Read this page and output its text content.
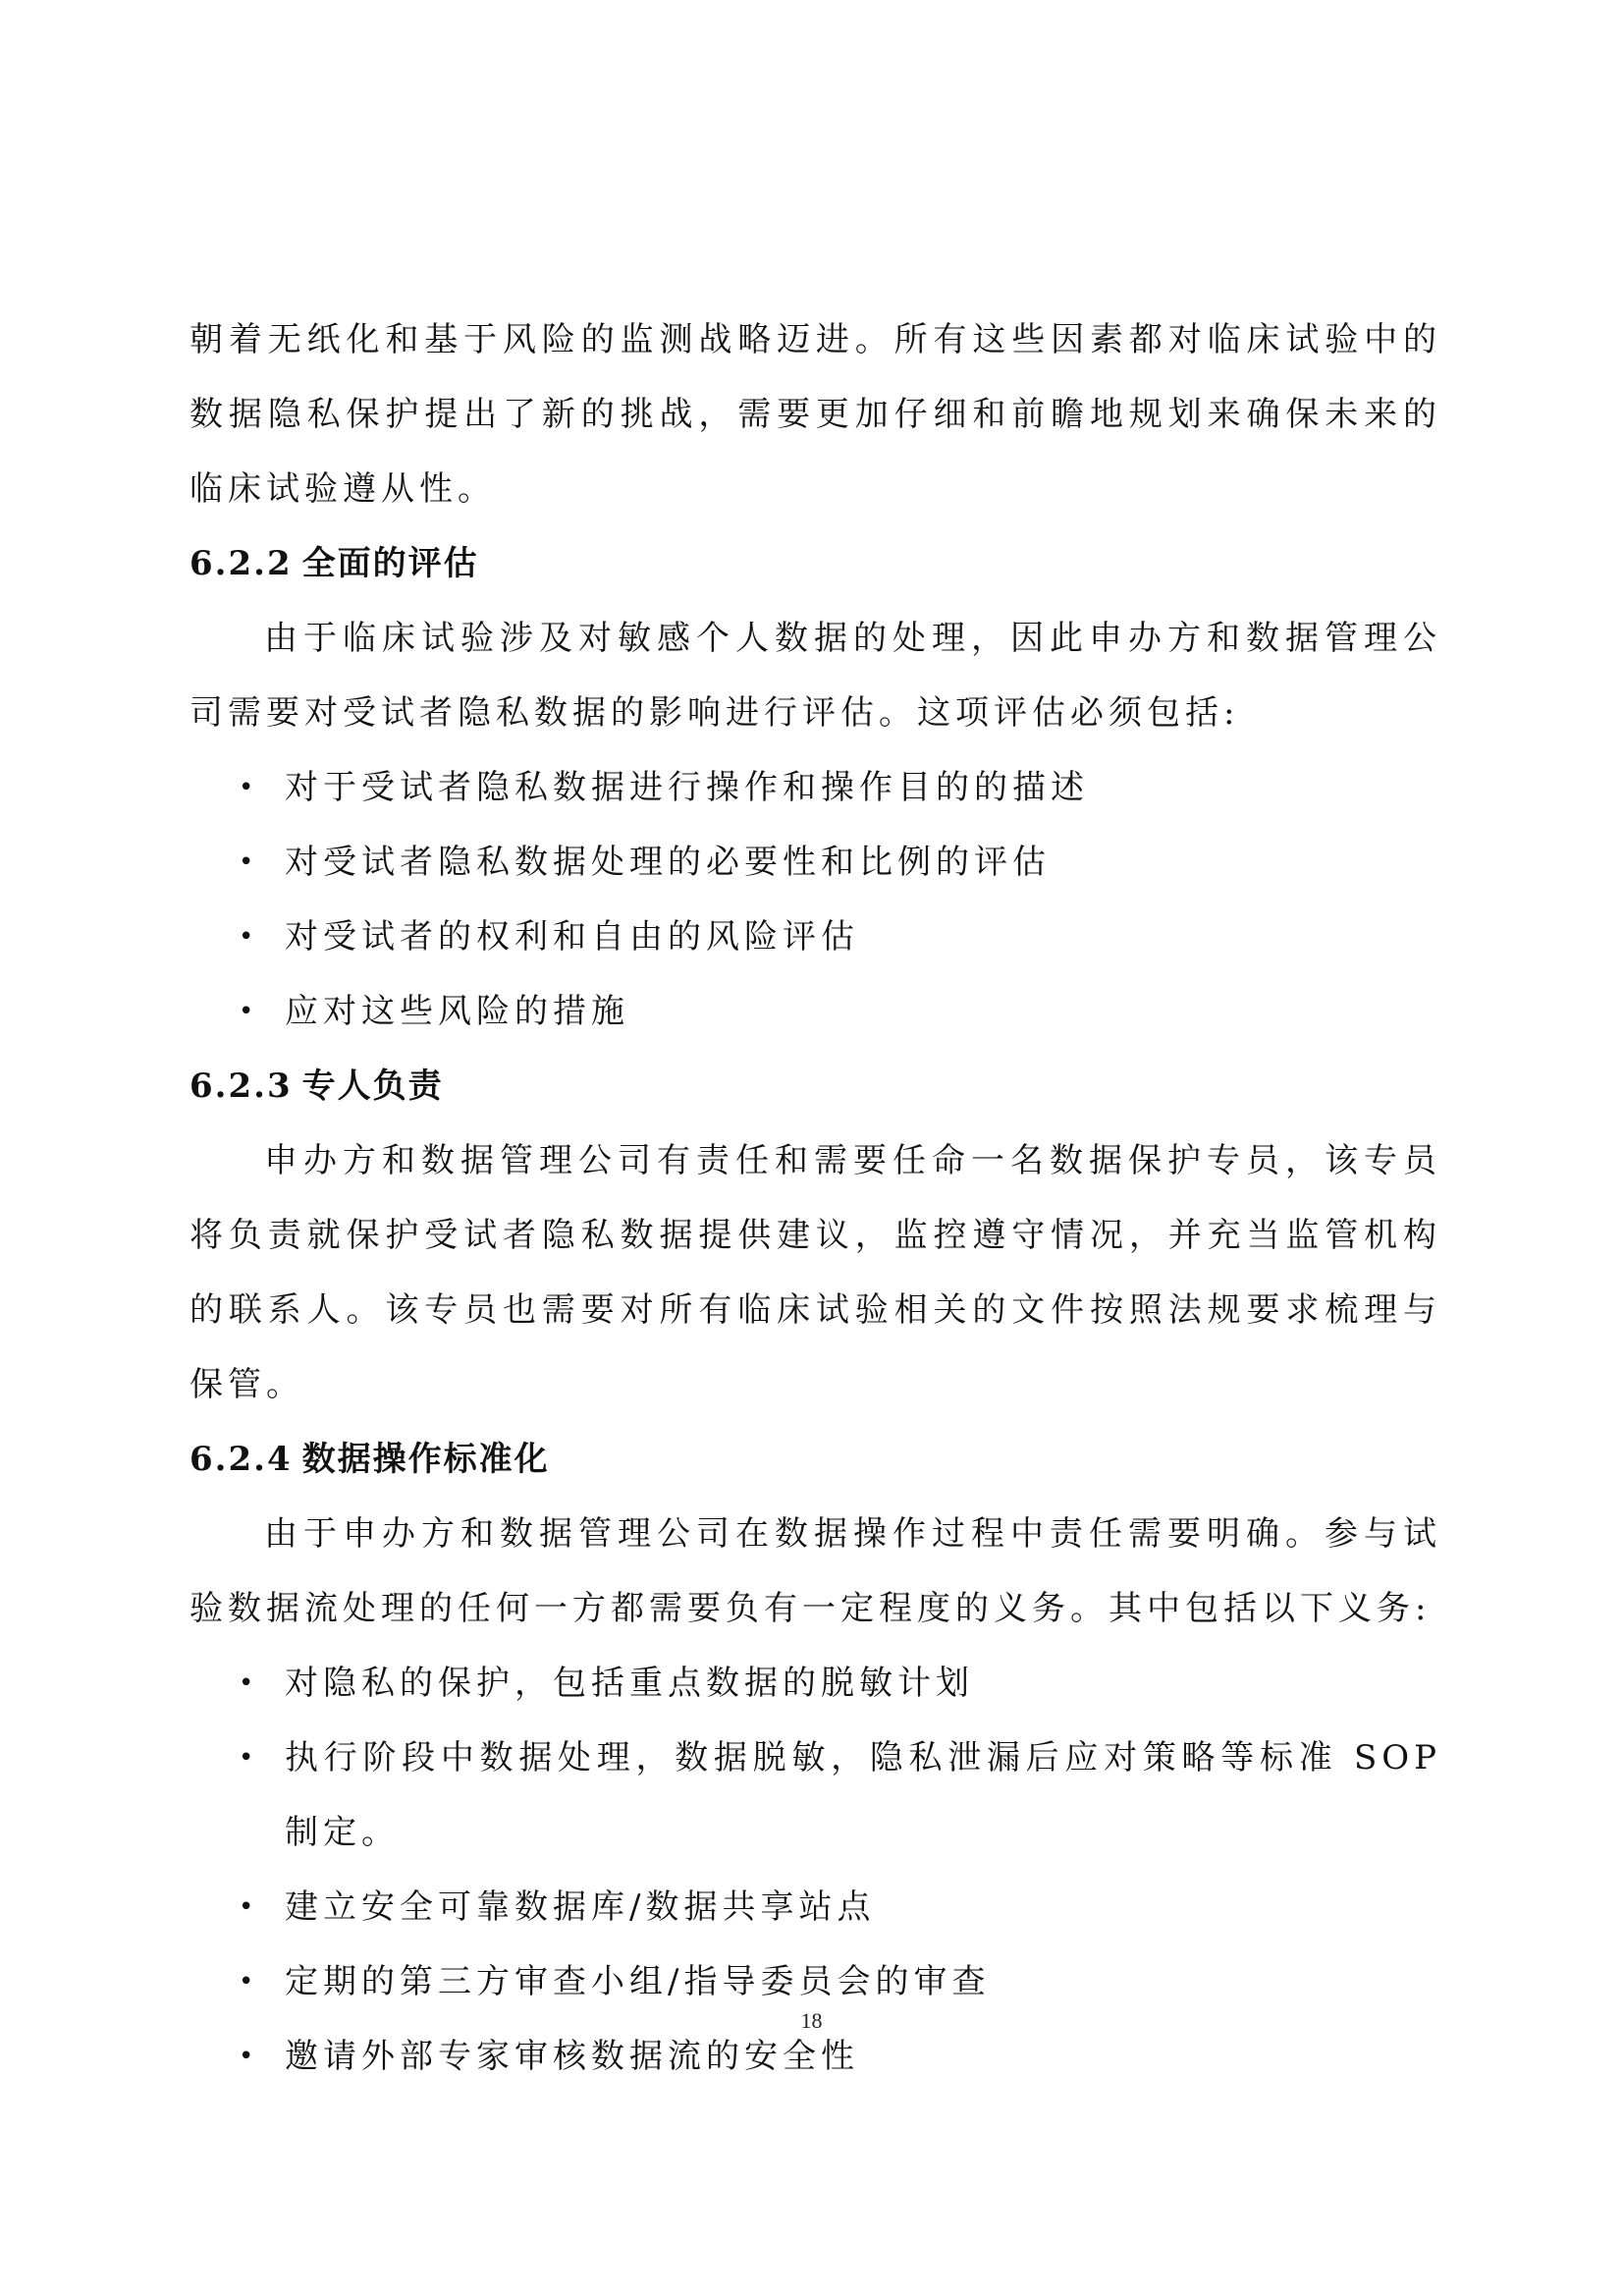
朝着无纸化和基于风险的监测战略迈进。所有这些因素都对临床试验中的数据隐私保护提出了新的挑战，需要更加仔细和前瞻地规划来确保未来的临床试验遵从性。

6.2.2 全面的评估

由于临床试验涉及对敏感个人数据的处理，因此申办方和数据管理公司需要对受试者隐私数据的影响进行评估。这项评估必须包括:

• 对于受试者隐私数据进行操作和操作目的的描述
• 对受试者隐私数据处理的必要性和比例的评估
• 对受试者的权利和自由的风险评估
• 应对这些风险的措施
6.2.3 专人负责

申办方和数据管理公司有责任和需要任命一名数据保护专员，该专员将负责就保护受试者隐私数据提供建议，监控遵守情况，并充当监管机构的联系人。该专员也需要对所有临床试验相关的文件按照法规要求梳理与保管。

6.2.4 数据操作标准化

由于申办方和数据管理公司在数据操作过程中责任需要明确。参与试验数据流处理的任何一方都需要负有一定程度的义务。其中包括以下义务:

• 对隐私的保护，包括重点数据的脱敏计划
• 执行阶段中数据处理，数据脱敏，隐私泄漏后应对策略等标准 SOP 制定。
• 建立安全可靠数据库/数据共享站点
• 定期的第三方审查小组/指导委员会的审查
• 邀请外部专家审核数据流的安全性
18
